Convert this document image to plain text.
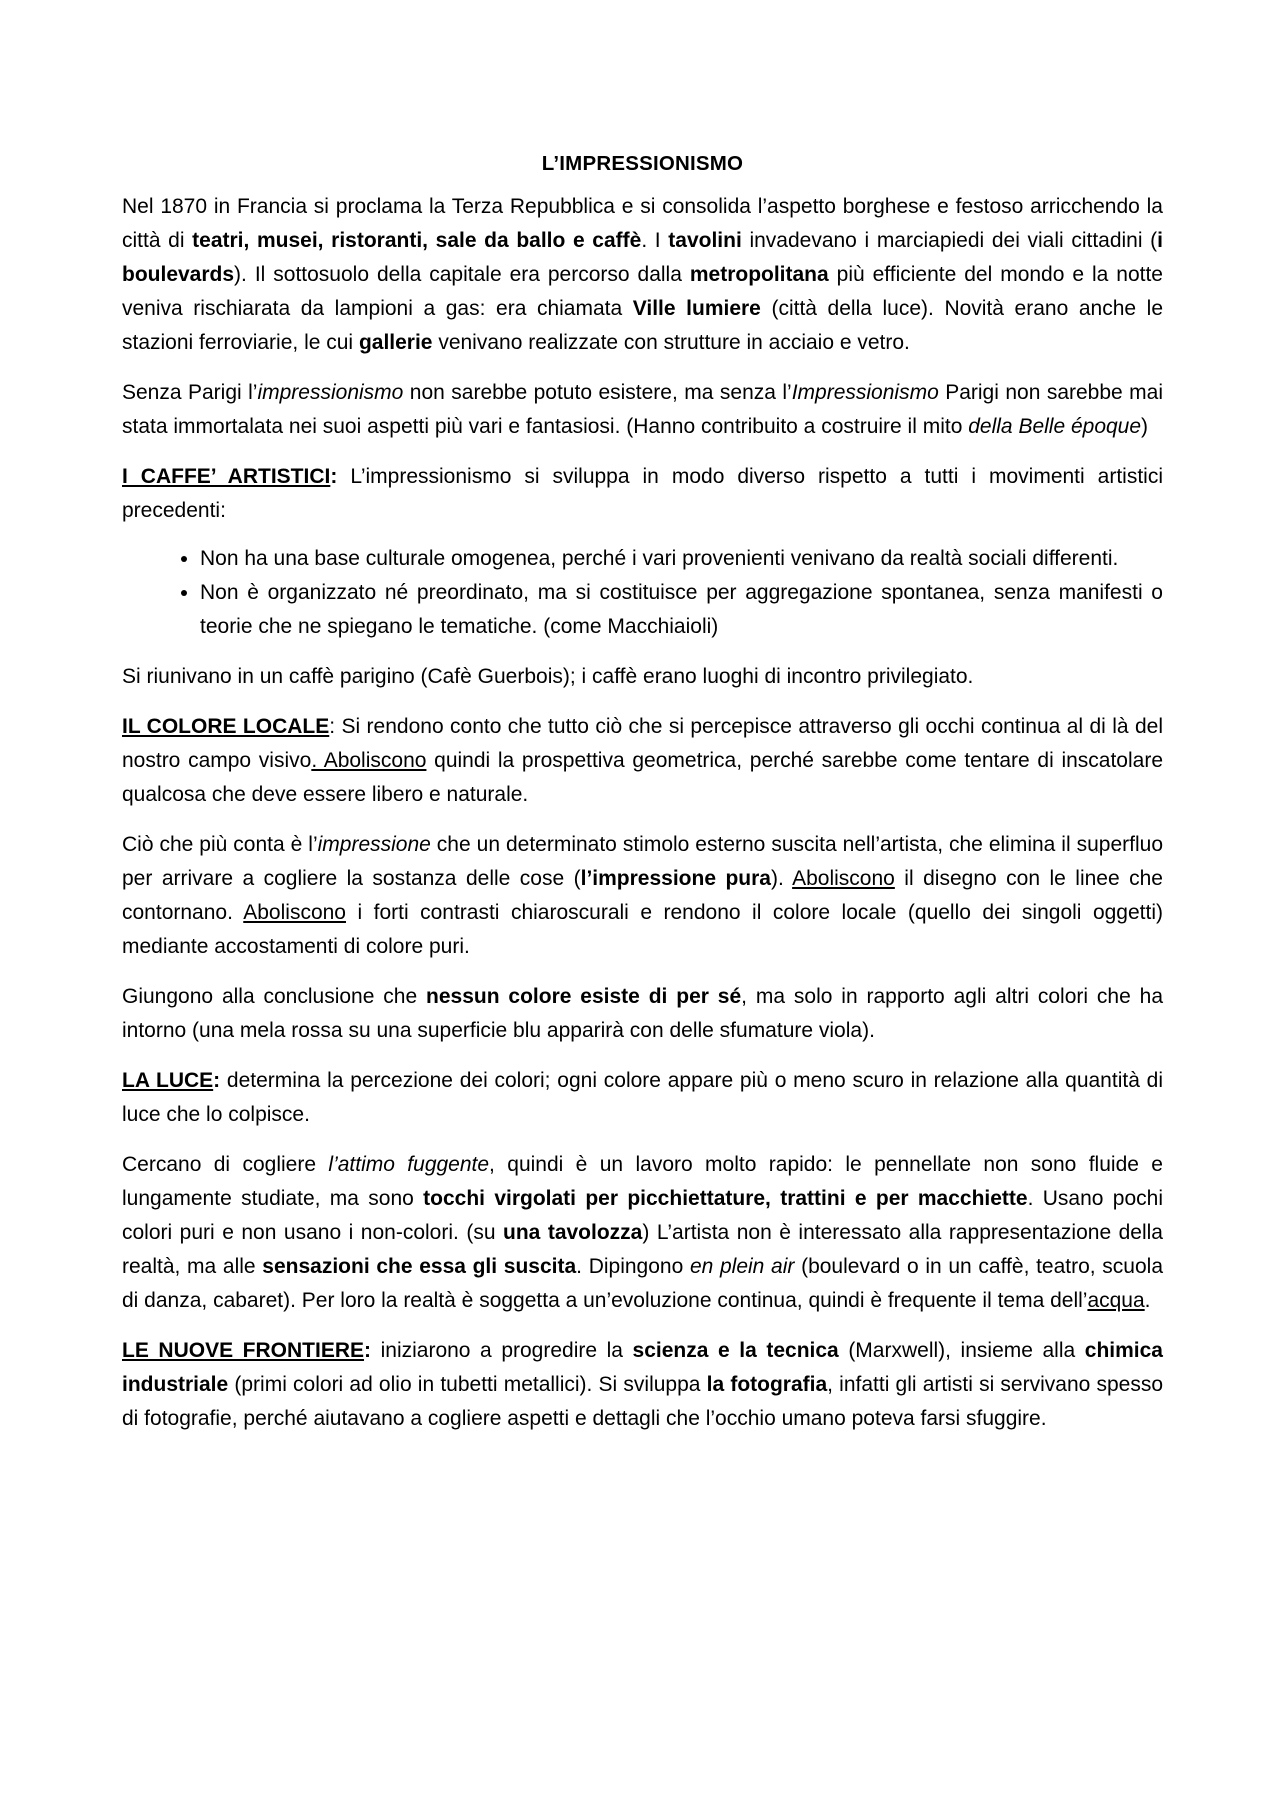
L’IMPRESSIONISMO

Nel 1870 in Francia si proclama la Terza Repubblica e si consolida l’aspetto borghese e festoso arricchendo la città di teatri, musei, ristoranti, sale da ballo e caffè. I tavolini invadevano i marciapiedi dei viali cittadini (i boulevards). Il sottosuolo della capitale era percorso dalla metropolitana più efficiente del mondo e la notte veniva rischiarata da lampioni a gas: era chiamata Ville lumiere (città della luce). Novità erano anche le stazioni ferroviarie, le cui gallerie venivano realizzate con strutture in acciaio e vetro.

Senza Parigi l’impressionismo non sarebbe potuto esistere, ma senza l’Impressionismo Parigi non sarebbe mai stata immortalata nei suoi aspetti più vari e fantasiosi. (Hanno contribuito a costruire il mito della Belle époque)

I CAFFE’ ARTISTICI: L’impressionismo si sviluppa in modo diverso rispetto a tutti i movimenti artistici precedenti:

• Non ha una base culturale omogenea, perché i vari provenienti venivano da realtà sociali differenti.
• Non è organizzato né preordinato, ma si costituisce per aggregazione spontanea, senza manifesti o teorie che ne spiegano le tematiche. (come Macchiaioli)

Si riunivano in un caffè parigino (Cafè Guerbois); i caffè erano luoghi di incontro privilegiato.

IL COLORE LOCALE: Si rendono conto che tutto ciò che si percepisce attraverso gli occhi continua al di là del nostro campo visivo. Aboliscono quindi la prospettiva geometrica, perché sarebbe come tentare di inscatolare qualcosa che deve essere libero e naturale.

Ciò che più conta è l’impressione che un determinato stimolo esterno suscita nell’artista, che elimina il superfluo per arrivare a cogliere la sostanza delle cose (l’impressione pura). Aboliscono il disegno con le linee che contornano. Aboliscono i forti contrasti chiaroscurali e rendono il colore locale (quello dei singoli oggetti) mediante accostamenti di colore puri.

Giungono alla conclusione che nessun colore esiste di per sé, ma solo in rapporto agli altri colori che ha intorno (una mela rossa su una superficie blu apparirà con delle sfumature viola).

LA LUCE: determina la percezione dei colori; ogni colore appare più o meno scuro in relazione alla quantità di luce che lo colpisce.

Cercano di cogliere l’attimo fuggente, quindi è un lavoro molto rapido: le pennellate non sono fluide e lungamente studiate, ma sono tocchi virgolati per picchiettature, trattini e per macchiette. Usano pochi colori puri e non usano i non-colori. (su una tavolozza) L’artista non è interessato alla rappresentazione della realtà, ma alle sensazioni che essa gli suscita. Dipingono en plein air (boulevard o in un caffè, teatro, scuola di danza, cabaret). Per loro la realtà è soggetta a un’evoluzione continua, quindi è frequente il tema dell’acqua.

LE NUOVE FRONTIERE: iniziarono a progredire la scienza e la tecnica (Marxwell), insieme alla chimica industriale (primi colori ad olio in tubetti metallici). Si sviluppa la fotografia, infatti gli artisti si servivano spesso di fotografie, perché aiutavano a cogliere aspetti e dettagli che l’occhio umano poteva farsi sfuggire.
